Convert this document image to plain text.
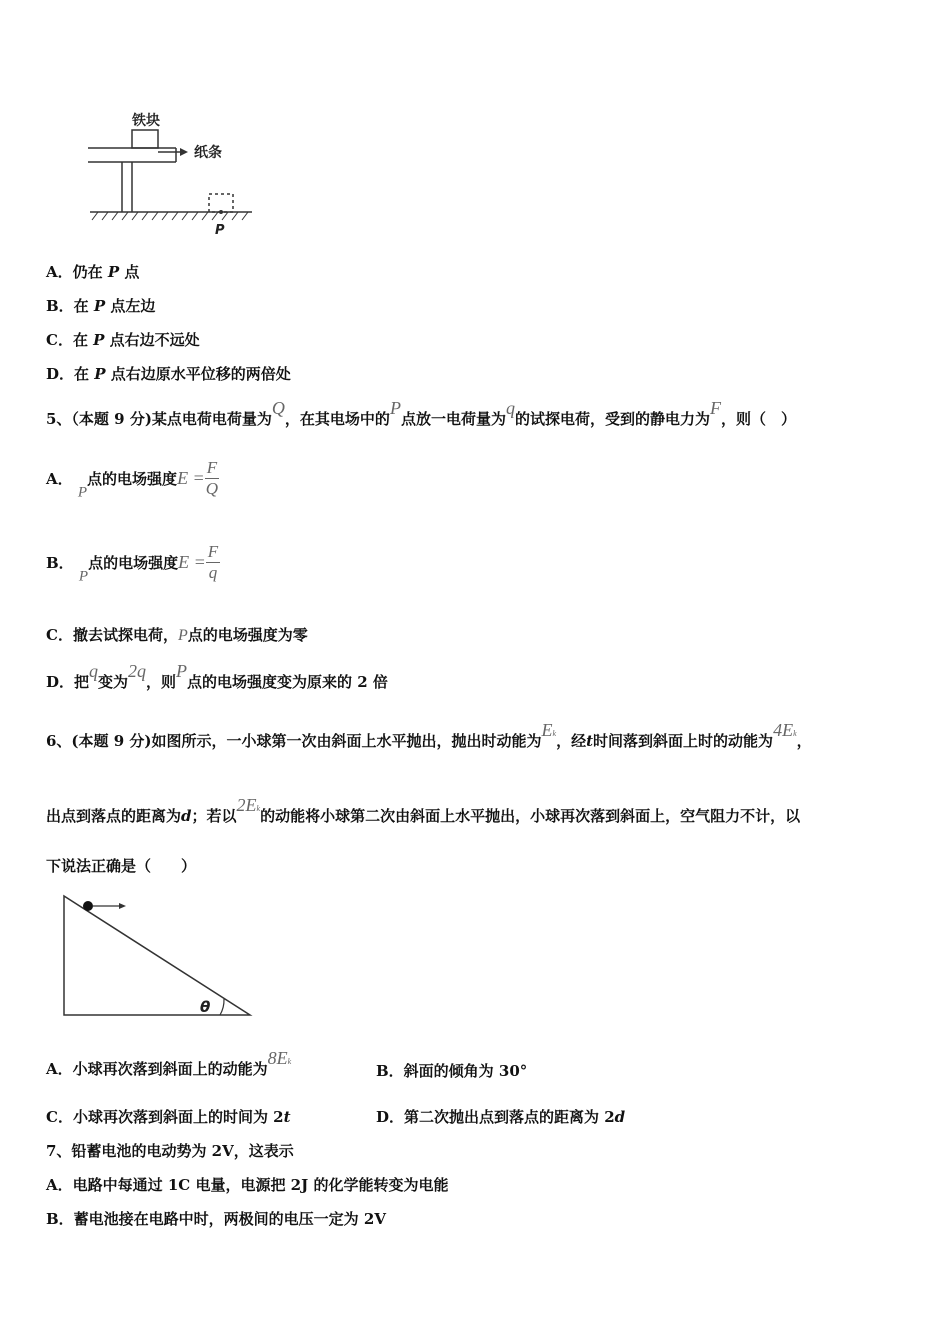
铁块
纸条
P
A．仍在 P 点
B．在 P 点左边
C．在 P 点右边不远处
D．在 P 点右边原水平位移的两倍处
5、（本题 9 分)某点电荷电荷量为Q，在其电场中的P点放一电荷量为q的试探电荷，受到的静电力为F，则（　）
A． P点的电场强度$E = \frac{F}{Q}$
B． P点的电场强度$E = \frac{F}{q}$
C．撤去试探电荷，P点的电场强度为零
D．把q变为2q，则P点的电场强度变为原来的 2 倍
6、(本题 9 分)如图所示，一小球第一次由斜面上水平抛出，抛出时动能为Ek，经t时间落到斜面上时的动能为4Ek，
出点到落点的距离为d；若以2Ek的动能将小球第二次由斜面上水平抛出，小球再次落到斜面上，空气阻力不计，以
下说法正确是（　　）
θ
A．小球再次落到斜面上的动能为8Ek
B．斜面的倾角为 30°
C．小球再次落到斜面上的时间为 2t	D．第二次抛出点到落点的距离为 2d
7、铅蓄电池的电动势为 2V，这表示
A．电路中每通过 1C 电量，电源把 2J 的化学能转变为电能
B．蓄电池接在电路中时，两极间的电压一定为 2V
